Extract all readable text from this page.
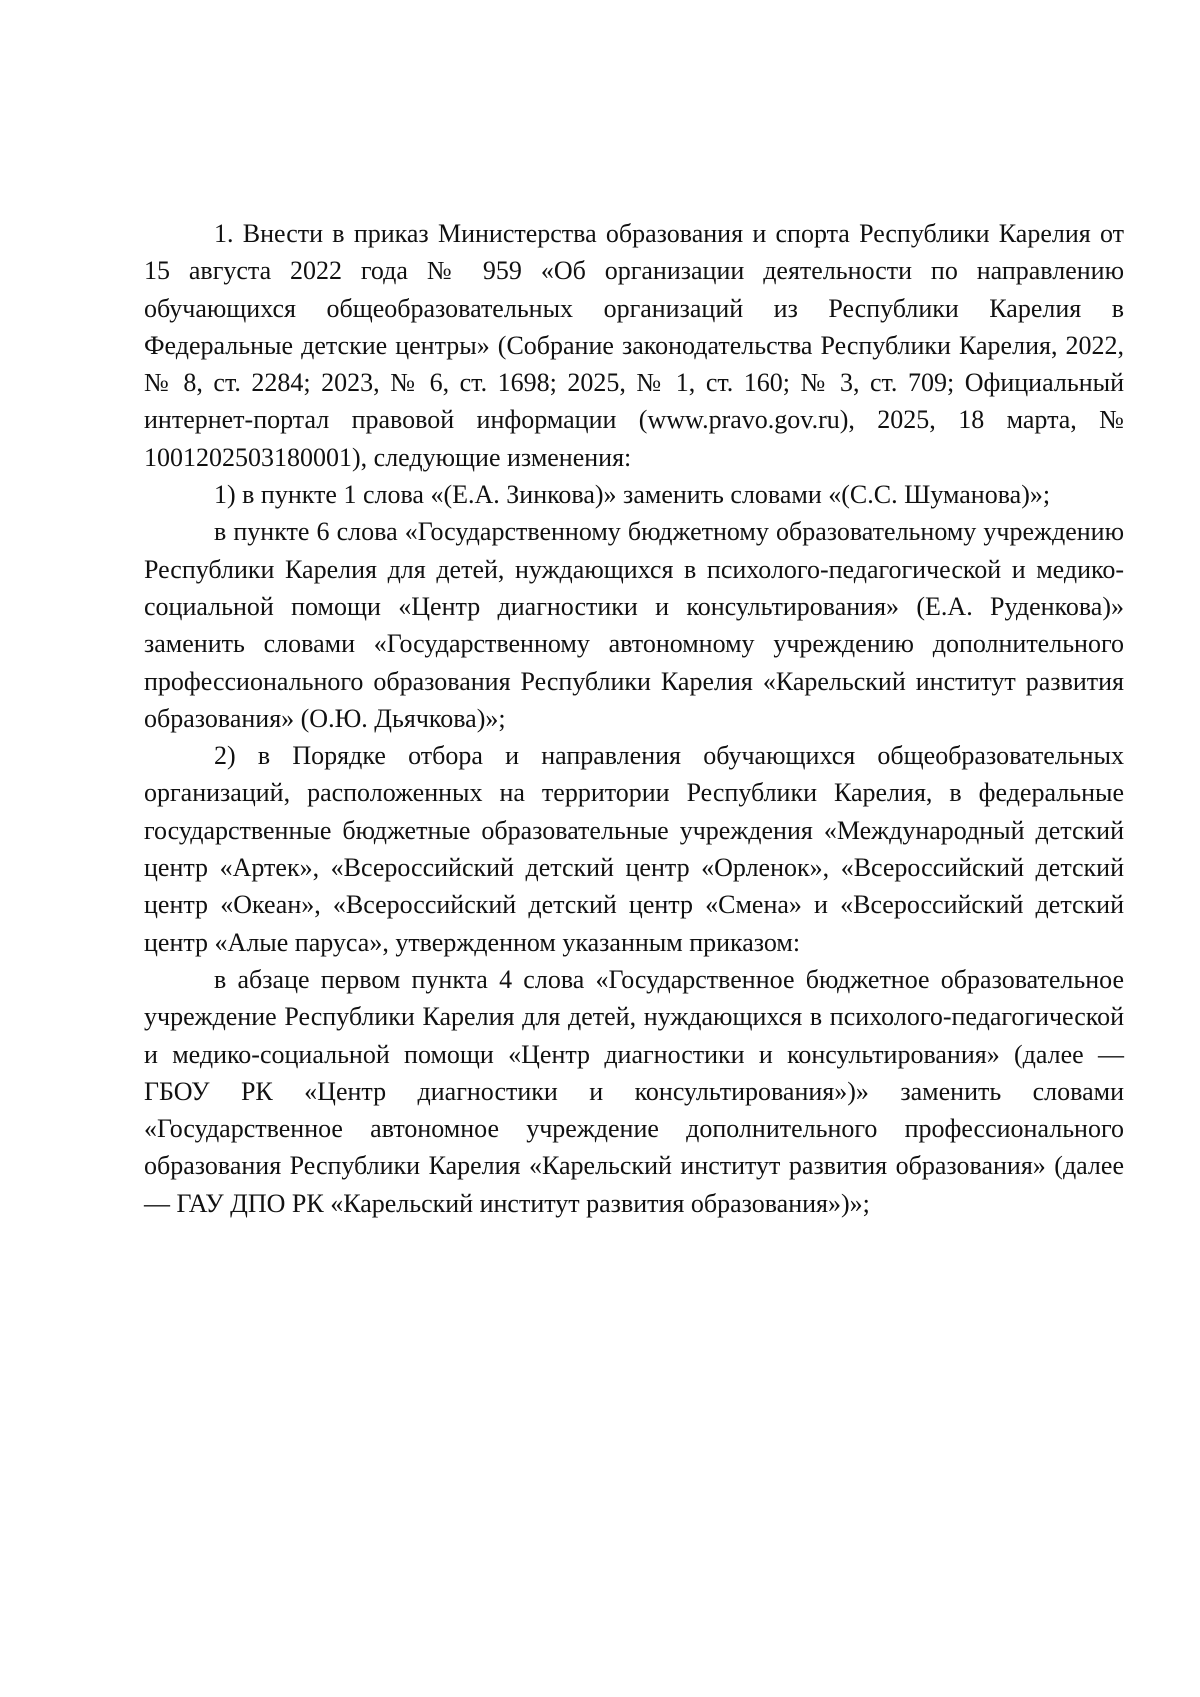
1. Внести в приказ Министерства образования и спорта Республики Карелия от 15 августа 2022 года № 959 «Об организации деятельности по направлению обучающихся общеобразовательных организаций из Республики Карелия в Федеральные детские центры» (Собрание законодательства Республики Карелия, 2022, № 8, ст. 2284; 2023, № 6, ст. 1698; 2025, № 1, ст. 160; № 3, ст. 709; Официальный интернет-портал правовой информации (www.pravo.gov.ru), 2025, 18 марта, № 1001202503180001), следующие изменения:

1) в пункте 1 слова «(Е.А. Зинкова)» заменить словами «(С.С. Шуманова)»;

в пункте 6 слова «Государственному бюджетному образовательному учреждению Республики Карелия для детей, нуждающихся в психолого-педагогической и медико-социальной помощи «Центр диагностики и консультирования» (Е.А. Руденкова)» заменить словами «Государственному автономному учреждению дополнительного профессионального образования Республики Карелия «Карельский институт развития образования» (О.Ю. Дьячкова)»;

2) в Порядке отбора и направления обучающихся общеобразовательных организаций, расположенных на территории Республики Карелия, в федеральные государственные бюджетные образовательные учреждения «Международный детский центр «Артек», «Всероссийский детский центр «Орленок», «Всероссийский детский центр «Океан», «Всероссийский детский центр «Смена» и «Всероссийский детский центр «Алые паруса», утвержденном указанным приказом:

в абзаце первом пункта 4 слова «Государственное бюджетное образовательное учреждение Республики Карелия для детей, нуждающихся в психолого-педагогической и медико-социальной помощи «Центр диагностики и консультирования» (далее — ГБОУ РК «Центр диагностики и консультирования»)» заменить словами «Государственное автономное учреждение дополнительного профессионального образования Республики Карелия «Карельский институт развития образования» (далее — ГАУ ДПО РК «Карельский институт развития образования»)»;
